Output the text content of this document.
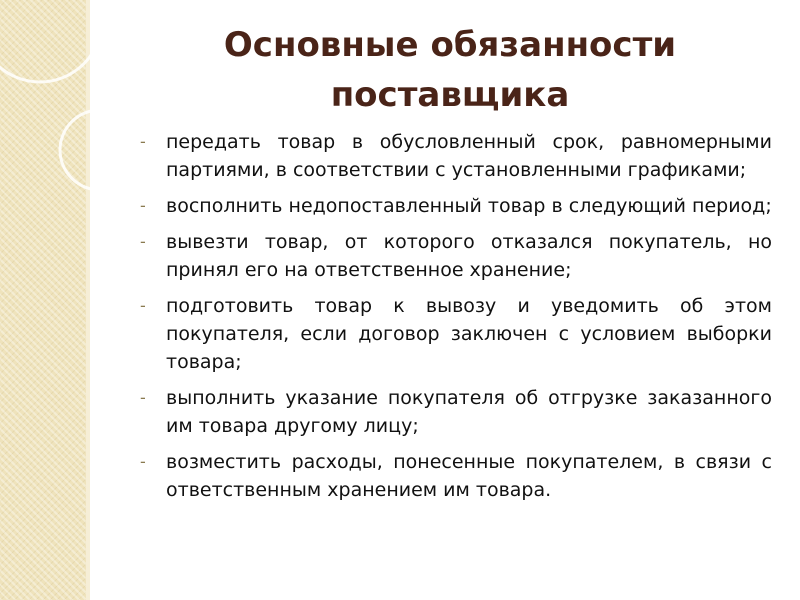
Основные обязанности поставщика
- передать товар в обусловленный срок, равномерными партиями, в соответствии с установленными графиками;
- восполнить недопоставленный товар в следующий период;
- вывезти товар, от которого отказался покупатель, но принял его на ответственное хранение;
- подготовить товар к вывозу и уведомить об этом покупателя, если договор заключен с условием выборки товара;
- выполнить указание покупателя об отгрузке заказанного им товара другому лицу;
- возместить расходы, понесенные покупателем, в связи с ответственным хранением им товара.
